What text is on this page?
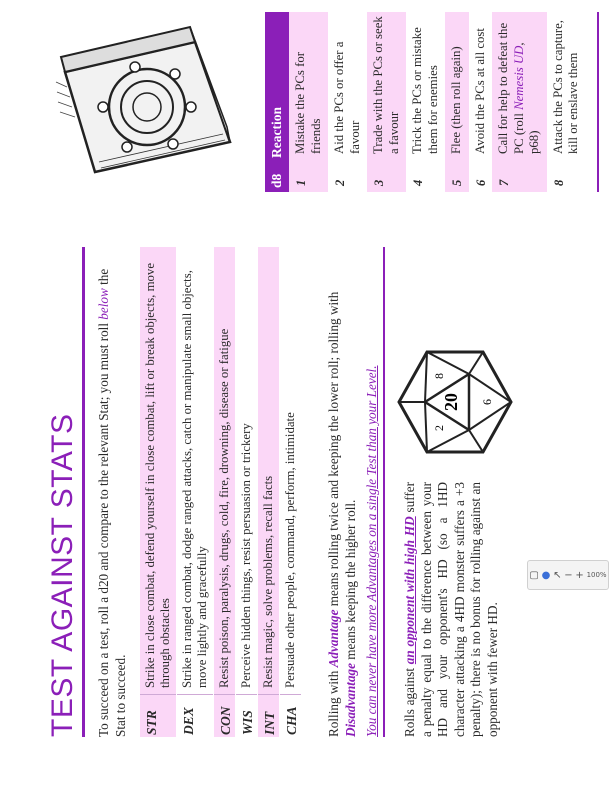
TEST AGAINST STATS To succeed on a test, roll a d20 and compare to the relevant Stat; you must roll below the Stat to succeed. STR
Strike in close combat, defend yourself in close combat, lift or break objects, move through obstacles
DEX
Strike in ranged combat, dodge ranged attacks, catch or manipulate small objects, move lightly and gracefully
CON
Resist poison, paralysis, drugs, cold, fire, drowning, disease or fatigue
WIS
Perceive hidden things, resist persuasion or trickery
INT
Resist magic, solve problems, recall facts
CHA
Persuade other people, command, perform, intimidate
Rolling with Advantage means rolling twice and keeping the lower roll; rolling with Disadvantage means keeping the higher roll. You can never have more Advantages on a single Test than your Level.	Rolls against an opponent with high HD suffer a penalty equal to the difference between your HD and your opponent's HD (so a 1HD character attacking a 4HD monster suffers a +3 penalty); there is no bonus for rolling against an opponent with fewer HD.
20
2
8
6
d8
Reaction
1
Mistake the PCs for friends
2
Aid the PCs or offer a favour
3
Trade with the PCs or seek a favour
4
Trick the PCs or mistake them for enemies
5
Flee (then roll again)
6
Avoid the PCs at all cost
7
Call for help to defeat the PC (roll Nemesis UD, p68)
8
Attack the PCs to capture, kill or enslave them
▢ ● ↖ − + 100%
